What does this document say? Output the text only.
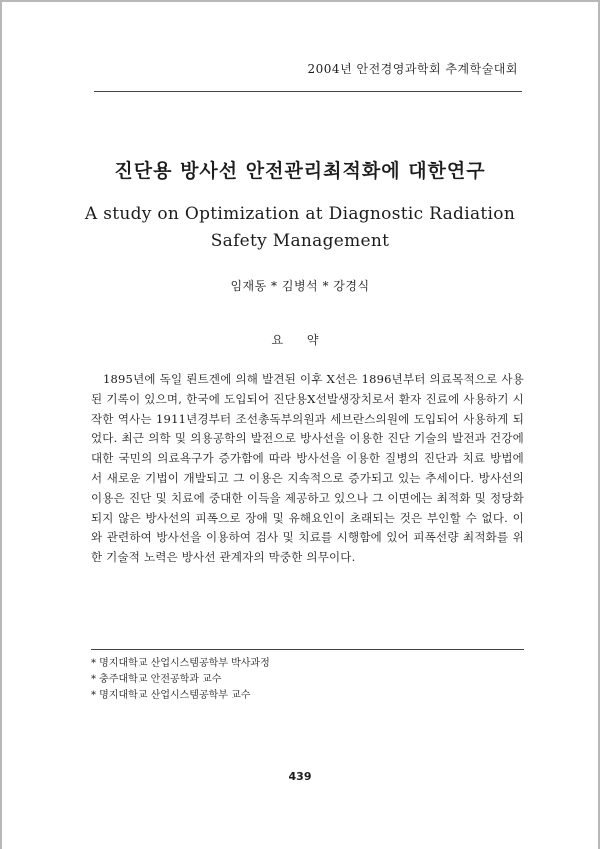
2004년 안전경영과학회 추계학술대회
진단용 방사선 안전관리최적화에 대한연구
A study on Optimization at Diagnostic Radiation
Safety Management
임재동 * 김병석 * 강경식
요 약

1895년에 독일 뢴트겐에 의해 발견된 이후 X선은 1896년부터 의료목적으로 사용된 기록이 있으며, 한국에 도입되어 진단용X선발생장치로서 환자 진료에 사용하기 시작한 역사는 1911년경부터 조선총독부의원과 세브란스의원에 도입되어 사용하게 되었다. 최근 의학 및 의용공학의 발전으로 방사선을 이용한 진단 기술의 발전과 건강에 대한 국민의 의료욕구가 증가함에 따라 방사선을 이용한 질병의 진단과 치료 방법에서 새로운 기법이 개발되고 그 이용은 지속적으로 증가되고 있는 추세이다. 방사선의 이용은 진단 및 치료에 중대한 이득을 제공하고 있으나 그 이면에는 최적화 및 정당화 되지 않은 방사선의 피폭으로 장애 및 유해요인이 초래되는 것은 부인할 수 없다. 이와 관련하여 방사선을 이용하여 검사 및 치료를 시행함에 있어 피폭선량 최적화를 위한 기술적 노력은 방사선 관계자의 막중한 의무이다.

* 명지대학교 산업시스템공학부 박사과정
* 충주대학교 안전공학과 교수
* 명지대학교 산업시스템공학부 교수
439
